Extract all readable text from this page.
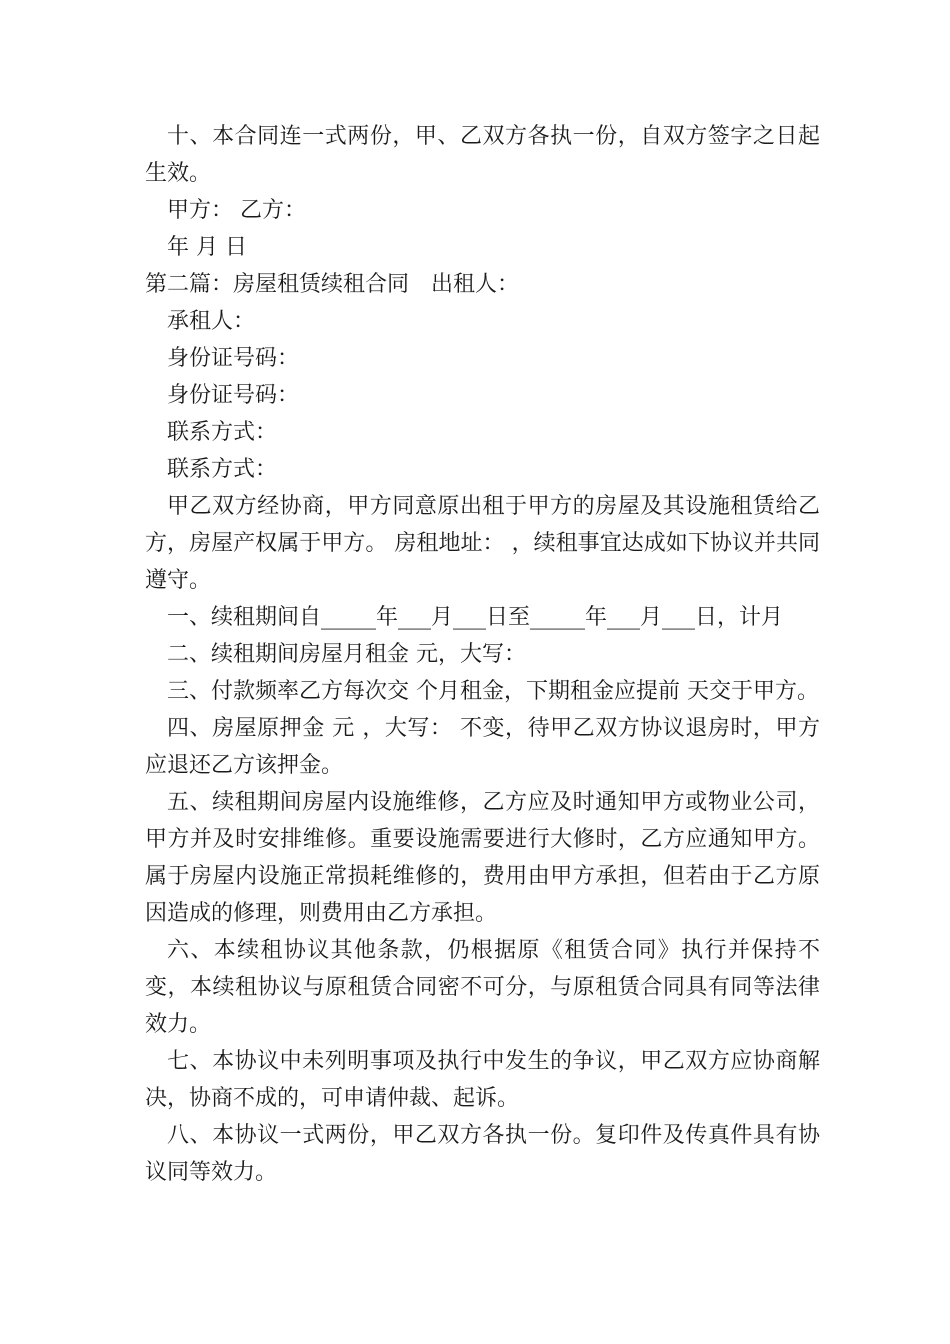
十、本合同连一式两份，甲、乙双方各执一份，自双方签字之日起生效。

甲方： 乙方：

年 月 日

第二篇：房屋租赁续租合同　出租人：

承租人：

身份证号码：

身份证号码：

联系方式：

联系方式：

甲乙双方经协商，甲方同意原出租于甲方的房屋及其设施租赁给乙方，房屋产权属于甲方。 房租地址： ，续租事宜达成如下协议并共同遵守。

一、续租期间自_____年___月___日至_____年___月___日，计月

二、续租期间房屋月租金 元，大写：

三、付款频率乙方每次交 个月租金，下期租金应提前 天交于甲方。

四、房屋原押金 元 ，大写： 不变，待甲乙双方协议退房时，甲方应退还乙方该押金。

五、续租期间房屋内设施维修，乙方应及时通知甲方或物业公司，甲方并及时安排维修。重要设施需要进行大修时，乙方应通知甲方。属于房屋内设施正常损耗维修的，费用由甲方承担，但若由于乙方原因造成的修理，则费用由乙方承担。

六、本续租协议其他条款，仍根据原《租赁合同》执行并保持不变，本续租协议与原租赁合同密不可分，与原租赁合同具有同等法律效力。

七、本协议中未列明事项及执行中发生的争议，甲乙双方应协商解决，协商不成的，可申请仲裁、起诉。

八、本协议一式两份，甲乙双方各执一份。复印件及传真件具有协议同等效力。
